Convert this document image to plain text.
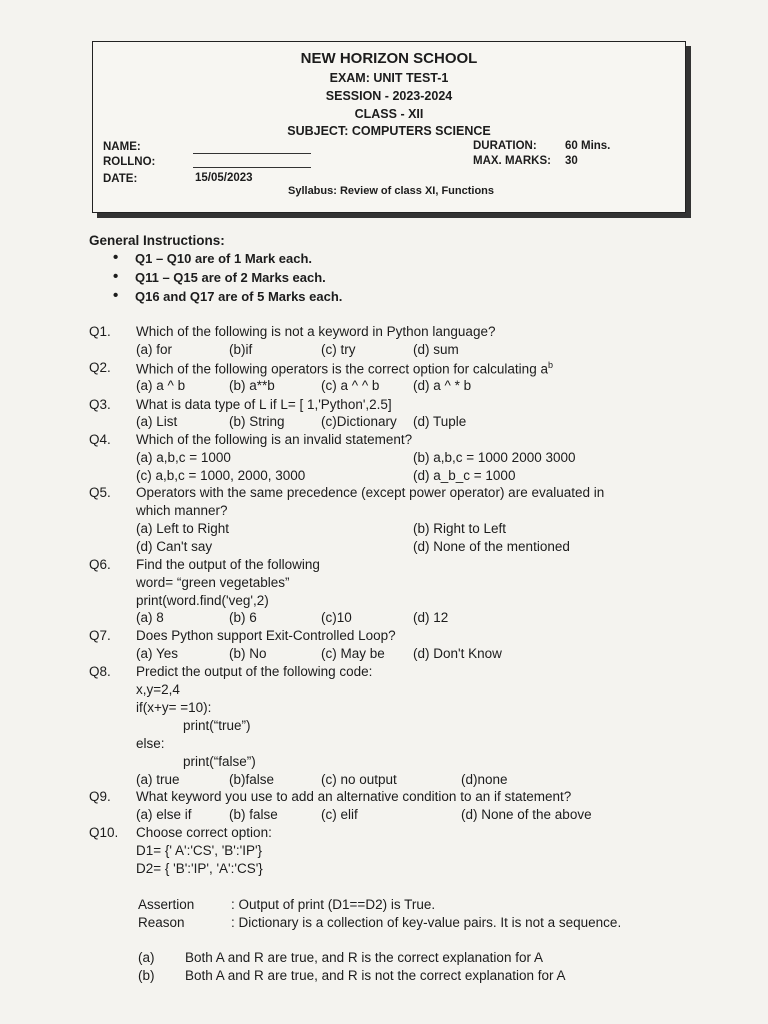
NEW HORIZON SCHOOL
EXAM: UNIT TEST-1
SESSION - 2023-2024
CLASS - XII
SUBJECT: COMPUTERS SCIENCE
NAME:
ROLLNO:
DATE:	15/05/2023
DURATION: 60 Mins.
MAX. MARKS: 30
Syllabus: Review of class XI, Functions
General Instructions:
• Q1 – Q10 are of 1 Mark each.
• Q11 – Q15 are of 2 Marks each.
• Q16 and Q17 are of 5 Marks each.
Q1. Which of the following is not a keyword in Python language?
(a) for	(b)if	(c) try	(d) sum
Q2. Which of the following operators is the correct option for calculating $a^b$
(a) a ^ b	(b) a**b	(c) a ^ ^ b (d) a ^ * b
Q3. What is data type of L if L= [ 1,'Python',2.5]
(a) List	(b) String	(c)Dictionary (d) Tuple
Q4. Which of the following is an invalid statement?
(a) a,b,c = 1000	(b) a,b,c = 1000 2000 3000
(c) a,b,c = 1000, 2000, 3000	(d) a_b_c = 1000
Q5. Operators with the same precedence (except power operator) are evaluated in
which manner?
(a) Left to Right	(b) Right to Left
(d) Can't say	(d) None of the mentioned
Q6. Find the output of the following
word= “green vegetables”
print(word.find('veg',2)
(a) 8	(b) 6	(c)10	(d) 12
Q7. Does Python support Exit-Controlled Loop?
(a) Yes	(b) No	(c) May be (d) Don't Know
Q8. Predict the output of the following code:
x,y=2,4
if(x+y= =10):
print(“true”)
else:
print(“false”)
(a) true	(b)false	(c) no output	(d)none
Q9. What keyword you use to add an alternative condition to an if statement?
(a) else if	(b) false	(c) elif	(d) None of the above
Q10. Choose correct option:
D1= {' A':'CS', 'B':'IP'}
D2= { 'B':'IP', 'A':'CS'}
Assertion	: Output of print (D1==D2) is True.
Reason	: Dictionary is a collection of key-value pairs. It is not a sequence.
(a) Both A and R are true, and R is the correct explanation for A
(b) Both A and R are true, and R is not the correct explanation for A
